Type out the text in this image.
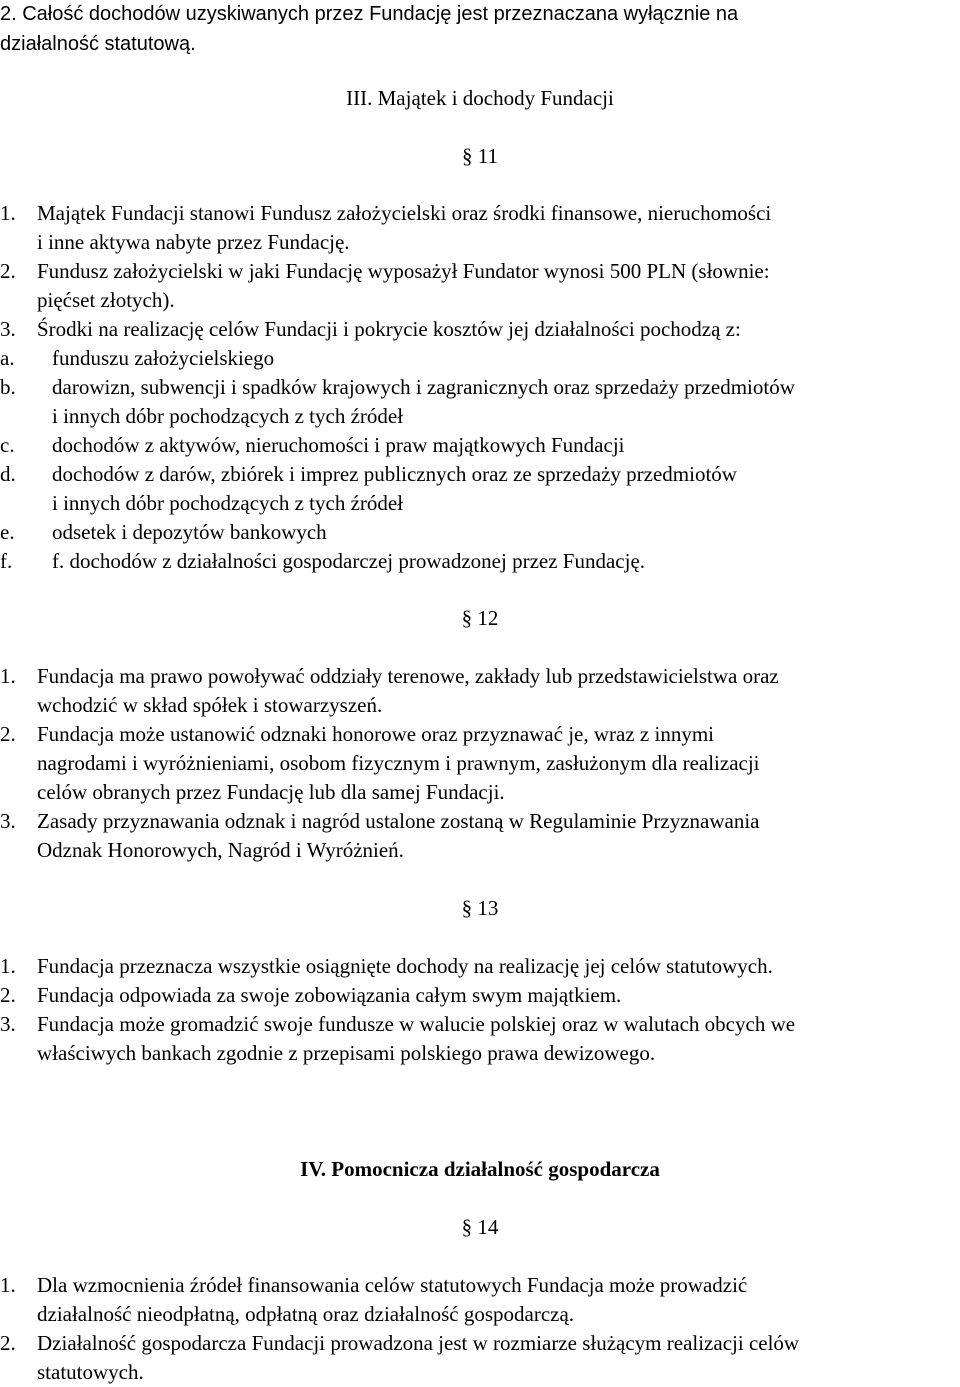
2. Całość dochodów uzyskiwanych przez Fundację jest przeznaczana wyłącznie na
działalność statutową.
III. Majątek i dochody Fundacji
§ 11
1. Majątek Fundacji stanowi Fundusz założycielski oraz środki finansowe, nieruchomości
i inne aktywa nabyte przez Fundację.
2. Fundusz założycielski w jaki Fundację wyposażył Fundator wynosi 500 PLN (słownie:
pięćset złotych).
3. Środki na realizację celów Fundacji i pokrycie kosztów jej działalności pochodzą z:
a. funduszu założycielskiego
b. darowizn, subwencji i spadków krajowych i zagranicznych oraz sprzedaży przedmiotów
i innych dóbr pochodzących z tych źródeł
c. dochodów z aktywów, nieruchomości i praw majątkowych Fundacji
d. dochodów z darów, zbiórek i imprez publicznych oraz ze sprzedaży przedmiotów
i innych dóbr pochodzących z tych źródeł
e. odsetek i depozytów bankowych
f. f. dochodów z działalności gospodarczej prowadzonej przez Fundację.
§ 12
1. Fundacja ma prawo powoływać oddziały terenowe, zakłady lub przedstawicielstwa oraz
wchodzić w skład spółek i stowarzyszeń.
2. Fundacja może ustanowić odznaki honorowe oraz przyznawać je, wraz z innymi
nagrodami i wyróżnieniami, osobom fizycznym i prawnym, zasłużonym dla realizacji
celów obranych przez Fundację lub dla samej Fundacji.
3. Zasady przyznawania odznak i nagród ustalone zostaną w Regulaminie Przyznawania
Odznak Honorowych, Nagród i Wyróżnień.
§ 13
1. Fundacja przeznacza wszystkie osiągnięte dochody na realizację jej celów statutowych.
2. Fundacja odpowiada za swoje zobowiązania całym swym majątkiem.
3. Fundacja może gromadzić swoje fundusze w walucie polskiej oraz w walutach obcych we
właściwych bankach zgodnie z przepisami polskiego prawa dewizowego.
IV. Pomocnicza działalność gospodarcza
§ 14
1. Dla wzmocnienia źródeł finansowania celów statutowych Fundacja może prowadzić
działalność nieodpłatną, odpłatną oraz działalność gospodarczą.
2. Działalność gospodarcza Fundacji prowadzona jest w rozmiarze służącym realizacji celów
statutowych.
